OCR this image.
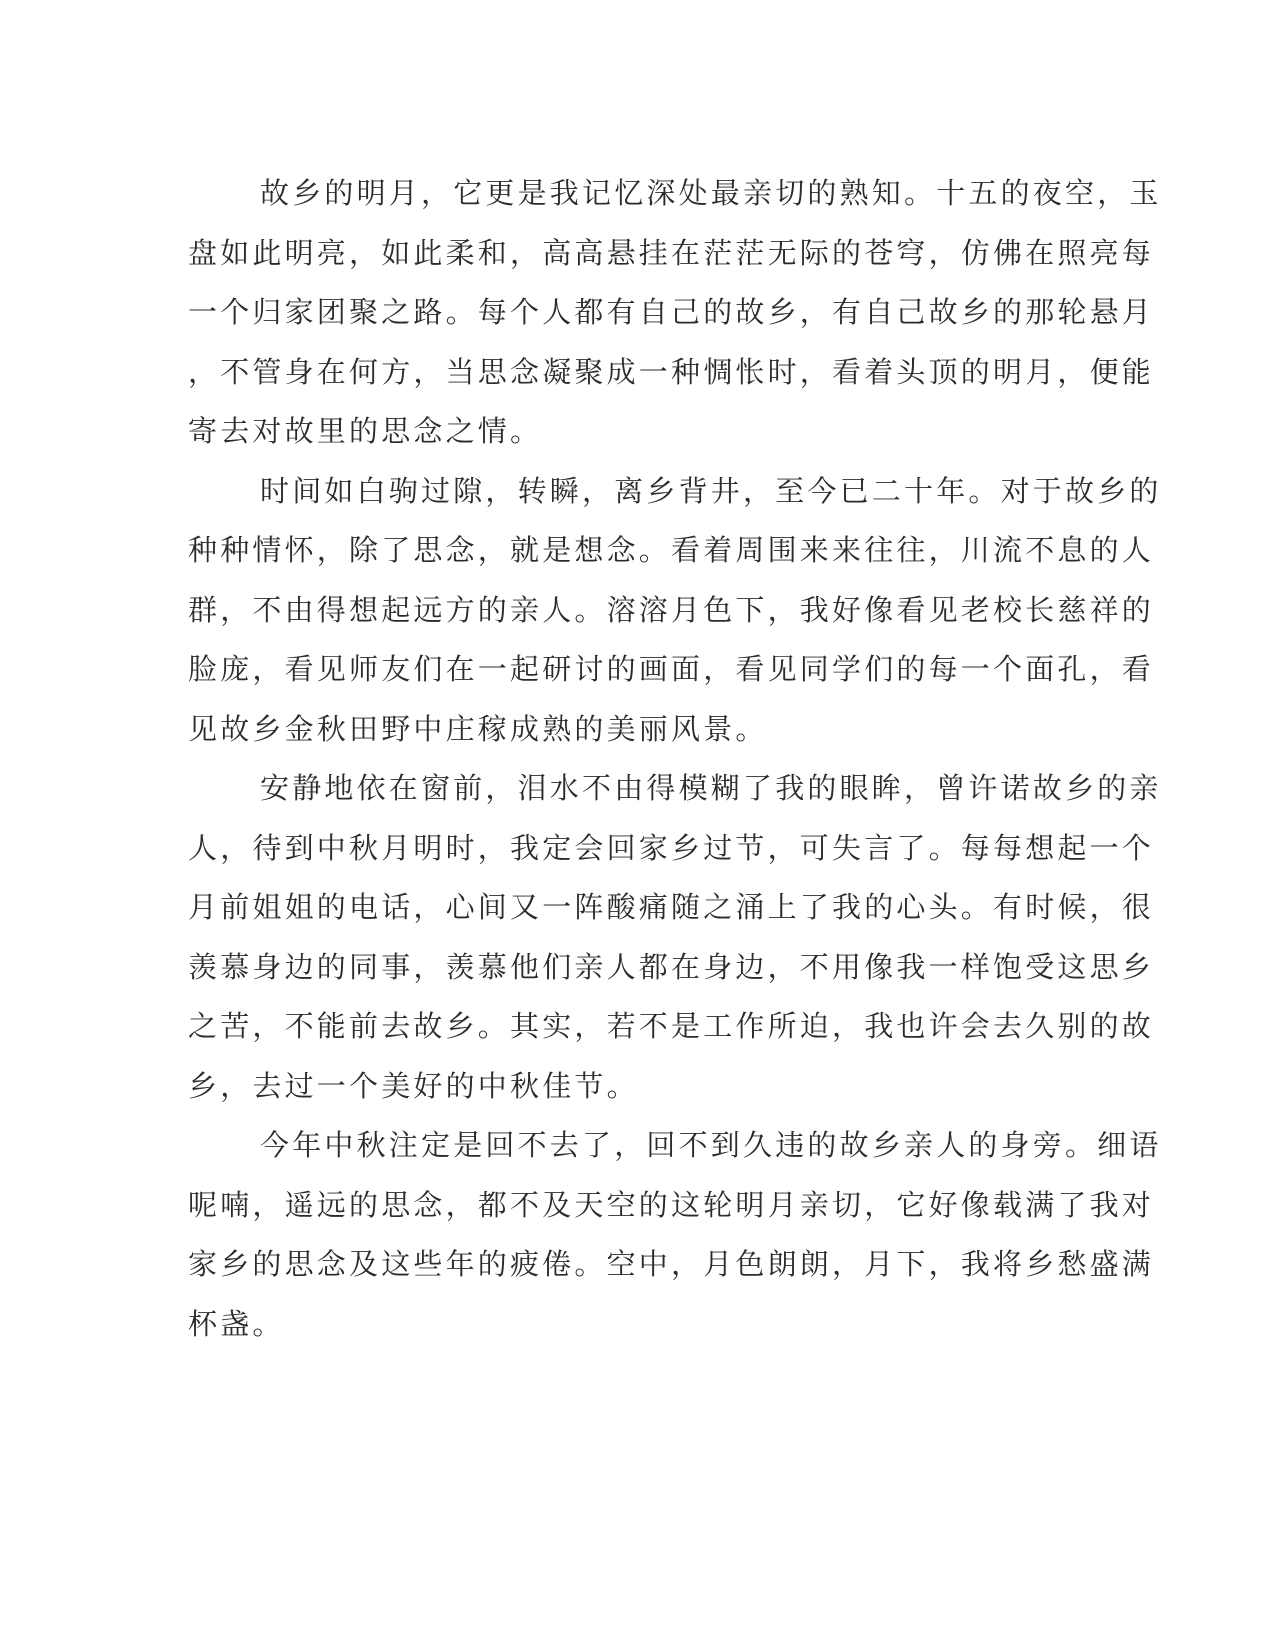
故乡的明月，它更是我记忆深处最亲切的熟知。十五的夜空，玉
盘如此明亮，如此柔和，高高悬挂在茫茫无际的苍穹，仿佛在照亮每
一个归家团聚之路。每个人都有自己的故乡，有自己故乡的那轮悬月
，不管身在何方，当思念凝聚成一种惆怅时，看着头顶的明月，便能
寄去对故里的思念之情。
时间如白驹过隙，转瞬，离乡背井，至今已二十年。对于故乡的
种种情怀，除了思念，就是想念。看着周围来来往往，川流不息的人
群，不由得想起远方的亲人。溶溶月色下，我好像看见老校长慈祥的
脸庞，看见师友们在一起研讨的画面，看见同学们的每一个面孔，看
见故乡金秋田野中庄稼成熟的美丽风景。
安静地依在窗前，泪水不由得模糊了我的眼眸，曾许诺故乡的亲
人，待到中秋月明时，我定会回家乡过节，可失言了。每每想起一个
月前姐姐的电话，心间又一阵酸痛随之涌上了我的心头。有时候，很
羡慕身边的同事，羡慕他们亲人都在身边，不用像我一样饱受这思乡
之苦，不能前去故乡。其实，若不是工作所迫，我也许会去久别的故
乡，去过一个美好的中秋佳节。
今年中秋注定是回不去了，回不到久违的故乡亲人的身旁。细语
呢喃，遥远的思念，都不及天空的这轮明月亲切，它好像载满了我对
家乡的思念及这些年的疲倦。空中，月色朗朗，月下，我将乡愁盛满
杯盏。
